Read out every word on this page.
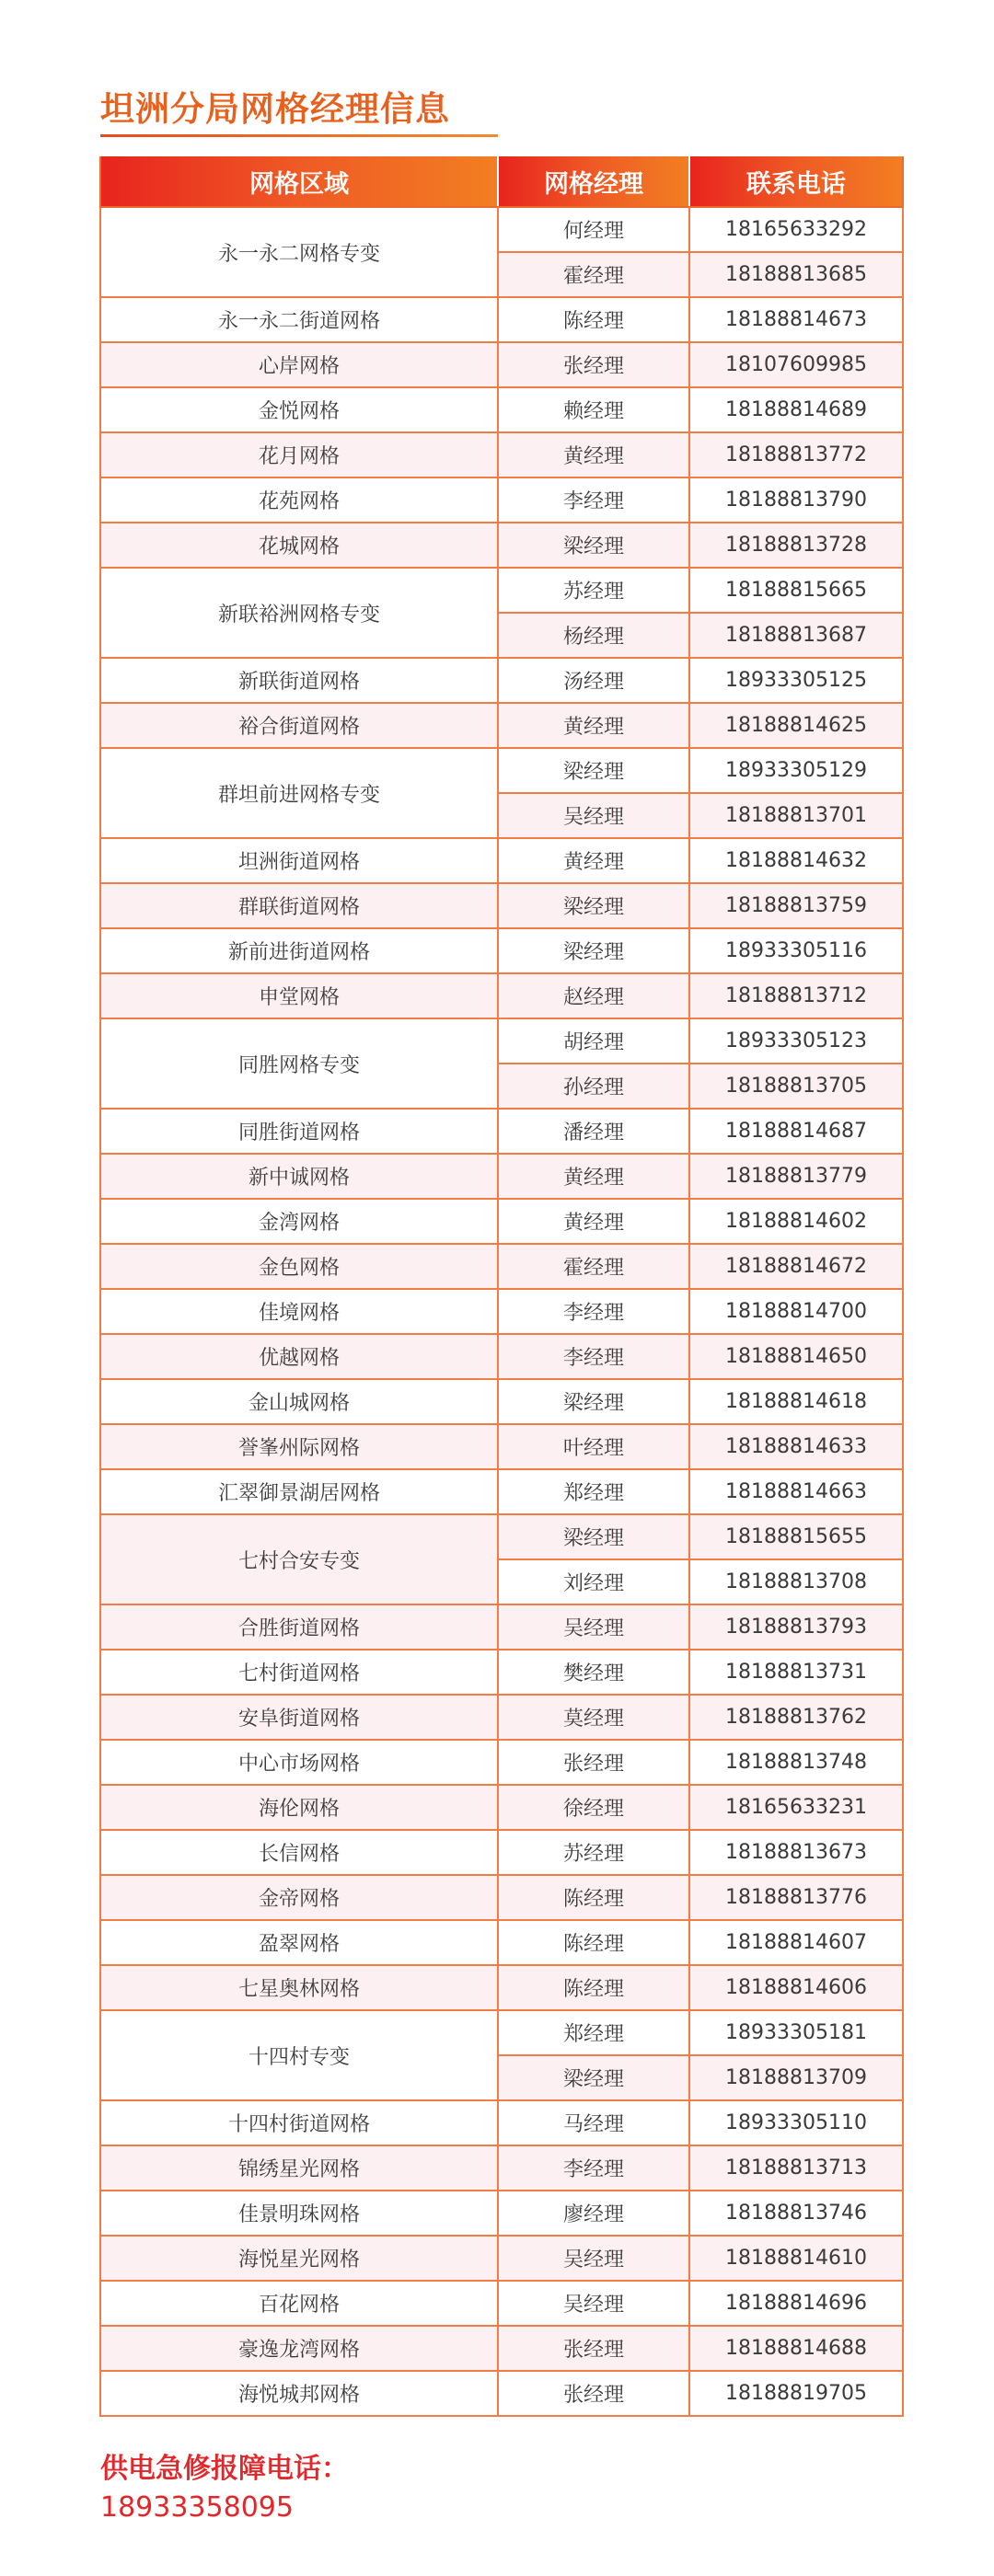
坦洲分局网格经理信息
网格区域	网格经理	联系电话
永一永二网格专变	何经理	18165633292
	霍经理	18188813685
永一永二街道网格	陈经理	18188814673
心岸网格	张经理	18107609985
金悦网格	赖经理	18188814689
花月网格	黄经理	18188813772
花苑网格	李经理	18188813790
花城网格	梁经理	18188813728
新联裕洲网格专变	苏经理	18188815665
	杨经理	18188813687
新联街道网格	汤经理	18933305125
裕合街道网格	黄经理	18188814625
群坦前进网格专变	梁经理	18933305129
	吴经理	18188813701
坦洲街道网格	黄经理	18188814632
群联街道网格	梁经理	18188813759
新前进街道网格	梁经理	18933305116
申堂网格	赵经理	18188813712
同胜网格专变	胡经理	18933305123
	孙经理	18188813705
同胜街道网格	潘经理	18188814687
新中诚网格	黄经理	18188813779
金湾网格	黄经理	18188814602
金色网格	霍经理	18188814672
佳境网格	李经理	18188814700
优越网格	李经理	18188814650
金山城网格	梁经理	18188814618
誉峯州际网格	叶经理	18188814633
汇翠御景湖居网格	郑经理	18188814663
七村合安专变	梁经理	18188815655
	刘经理	18188813708
合胜街道网格	吴经理	18188813793
七村街道网格	樊经理	18188813731
安阜街道网格	莫经理	18188813762
中心市场网格	张经理	18188813748
海伦网格	徐经理	18165633231
长信网格	苏经理	18188813673
金帝网格	陈经理	18188813776
盈翠网格	陈经理	18188814607
七星奥林网格	陈经理	18188814606
十四村专变	郑经理	18933305181
	梁经理	18188813709
十四村街道网格	马经理	18933305110
锦绣星光网格	李经理	18188813713
佳景明珠网格	廖经理	18188813746
海悦星光网格	吴经理	18188814610
百花网格	吴经理	18188814696
豪逸龙湾网格	张经理	18188814688
海悦城邦网格	张经理	18188819705
供电急修报障电话：
18933358095
